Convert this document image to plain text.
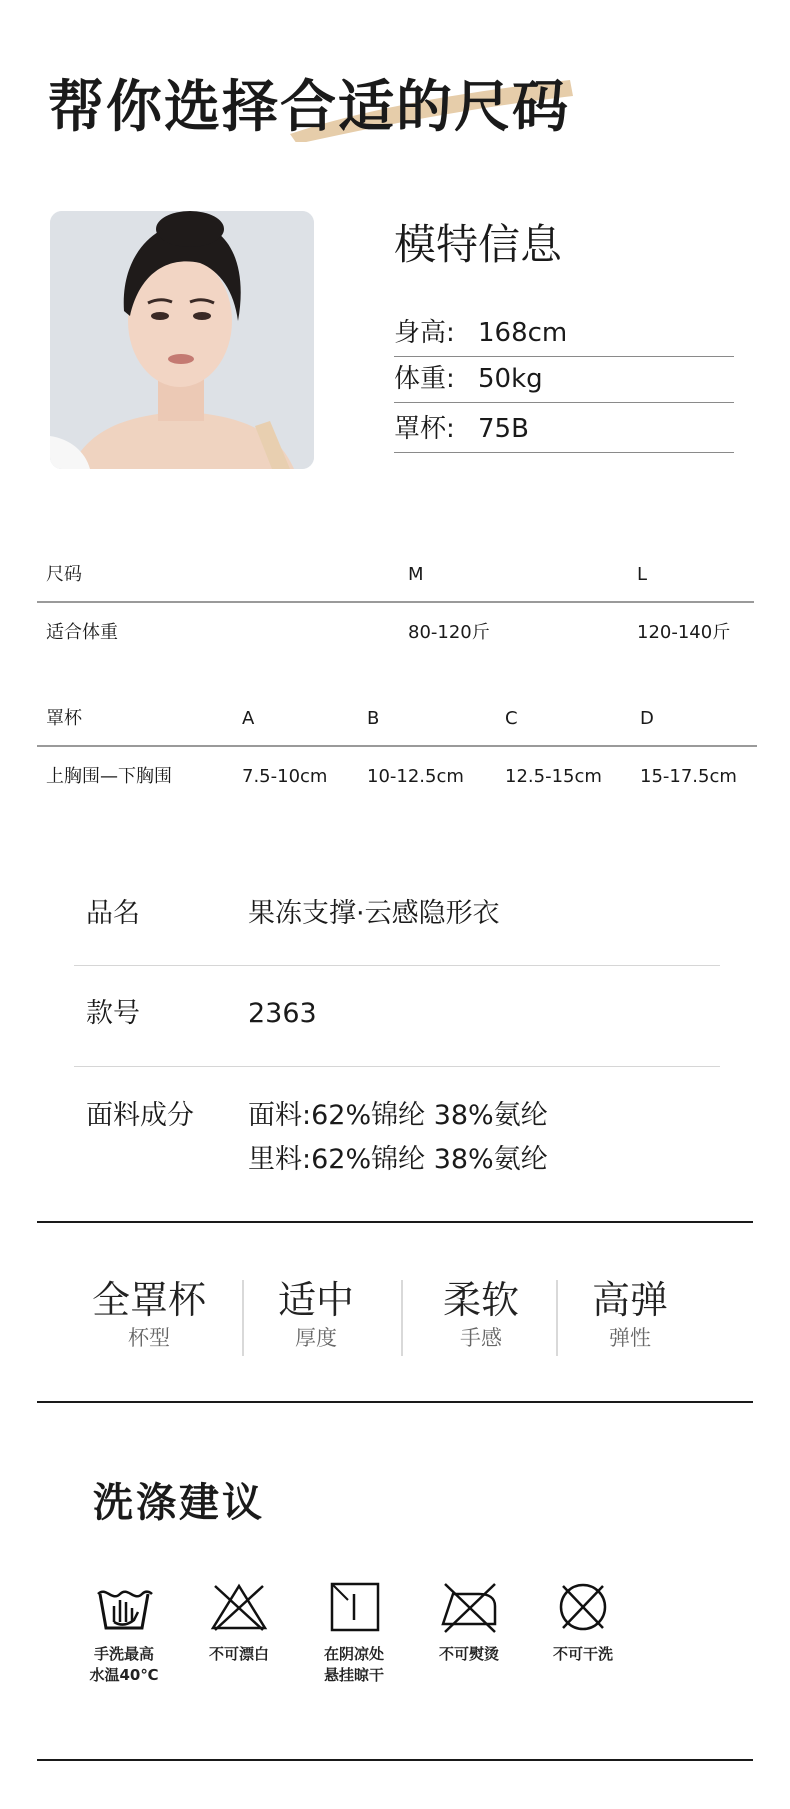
帮你选择合适的尺码
模特信息
身高: 168cm
体重: 50kg
罩杯: 75B
尺码	M	L
适合体重	80-120斤	120-140斤
罩杯	A	B	C	D
上胸围—下胸围	7.5-10cm 10-12.5cm 12.5-15cm 15-17.5cm
品名	果冻支撑·云感隐形衣
款号	2363
面料成分 面料:62%锦纶 38%氨纶
里料:62%锦纶 38%氨纶
全罩杯
杯型
适中
厚度
柔软
手感
高弹
弹性
洗涤建议
手洗最高
水温40℃
不可漂白	在阴凉处
悬挂晾干
不可熨烫	不可干洗
